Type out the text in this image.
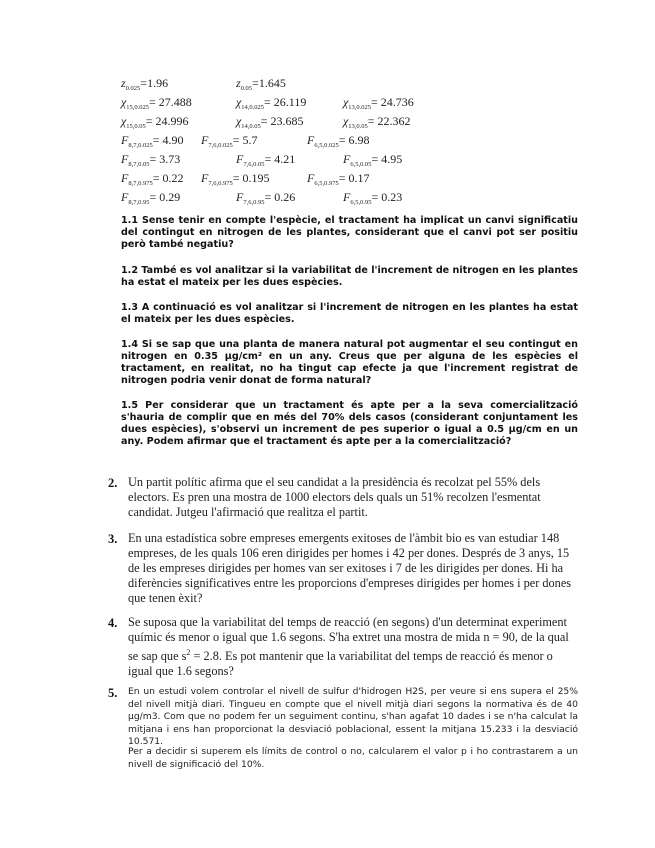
$z_{0.025}=1.96$	$z_{0.05}=1.645$
$\chi_{15,0.025}= 27.488$	$\chi_{14,0.025}= 26.119$	$\chi_{13,0.025}= 24.736$
$\chi_{15,0.05}= 24.996$	$\chi_{14,0.05}= 23.685$	$\chi_{13,0.05}= 22.362$
$F_{8,7,0.025}= 4.90$ $F_{7,6,0.025}= 5.7$	$F_{6,5,0.025}= 6.98$
$F_{8,7,0.05}= 3.73$	$F_{7,6,0.05}= 4.21$	$F_{6,5,0.05}= 4.95$
$F_{8,7,0.975}= 0.22$ $F_{7,6,0.975}= 0.195$	$F_{6,5,0.975}= 0.17$
$F_{8,7,0.95}= 0.29$	$F_{7,6,0.95}= 0.26$	$F_{6,5,0.95}= 0.23$

1.1 Sense tenir en compte l'espècie, el tractament ha implicat un canvi significatiu del contingut en nitrogen de les plantes, considerant que el canvi pot ser positiu però també negatiu?

1.2 També es vol analitzar si la variabilitat de l'increment de nitrogen en les plantes ha estat el mateix per les dues espècies.

1.3 A continuació es vol analitzar si l'increment de nitrogen en les plantes ha estat el mateix per les dues espècies.

1.4 Si se sap que una planta de manera natural pot augmentar el seu contingut en nitrogen en 0.35 µg/cm² en un any. Creus que per alguna de les espècies el tractament, en realitat, no ha tingut cap efecte ja que l'increment registrat de nitrogen podria venir donat de forma natural?

1.5 Per considerar que un tractament és apte per a la seva comercialització s'hauria de complir que en més del 70% dels casos (considerant conjuntament les dues espècies), s'observi un increment de pes superior o igual a 0.5 µg/cm en un any. Podem afirmar que el tractament és apte per a la comercialització?

2. Un partit polític afirma que el seu candidat a la presidència és recolzat pel 55% dels electors. Es pren una mostra de 1000 electors dels quals un 51% recolzen l'esmentat candidat. Jutgeu l'afirmació que realitza el partit.

3. En una estadística sobre empreses emergents exitoses de l'àmbit bio es van estudiar 148 empreses, de les quals 106 eren dirigides per homes i 42 per dones. Després de 3 anys, 15 de les empreses dirigides per homes van ser exitoses i 7 de les dirigides per dones. Hi ha diferències significatives entre les proporcions d'empreses dirigides per homes i per dones que tenen èxit?

4. Se suposa que la variabilitat del temps de reacció (en segons) d'un determinat experiment químic és menor o igual que 1.6 segons. S'ha extret una mostra de mida n = 90, de la qual se sap que $s^2 = 2.8$. Es pot mantenir que la variabilitat del temps de reacció és menor o igual que 1.6 segons?

5. En un estudi volem controlar el nivell de sulfur d'hidrogen H2S, per veure si ens supera el 25% del nivell mitjà diari. Tingueu en compte que el nivell mitjà diari segons la normativa és de 40 µg/m3. Com que no podem fer un seguiment continu, s'han agafat 10 dades i se n'ha calculat la mitjana i ens han proporcionat la desviació poblacional, essent la mitjana 15.233 i la desviació 10.571.

Per a decidir si superem els límits de control o no, calcularem el valor p i ho contrastarem a un nivell de significació del 10%.
